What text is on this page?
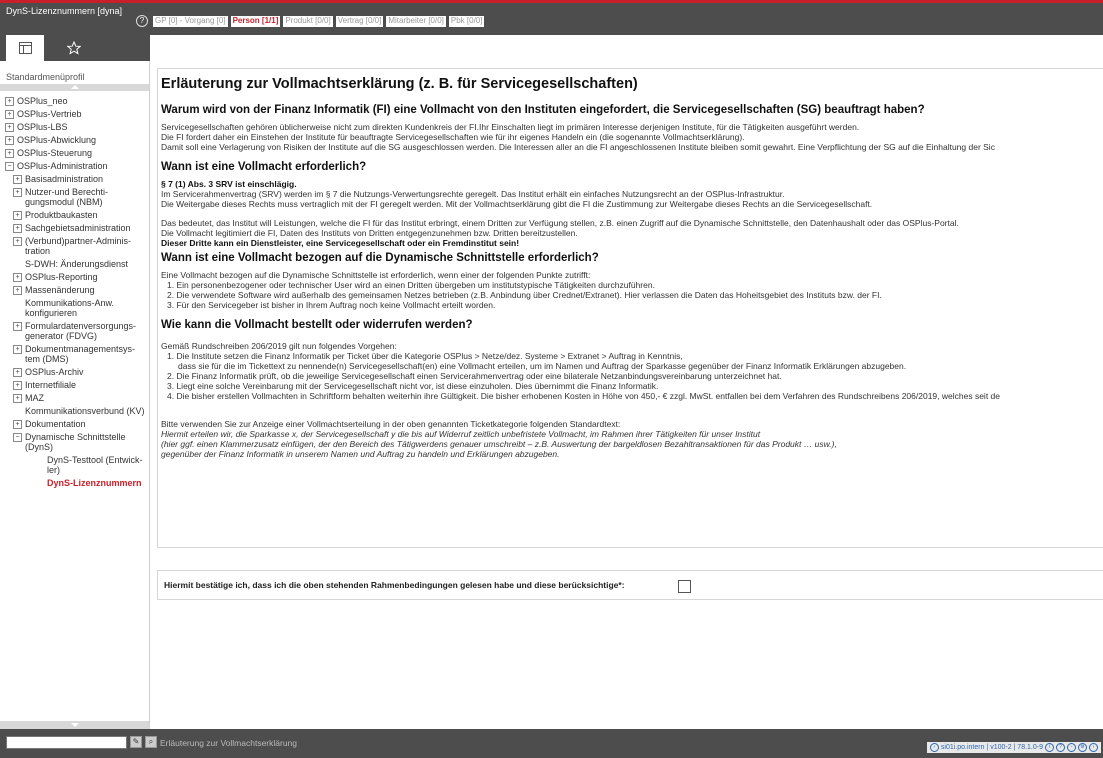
DynS-Lizenznummern [dyna]
?	GP [0] - Vorgang [0] Person [1/1] Produkt [0/0] Vertrag [0/0] Mitarbeiter [0/0] Pbk [0/0]
Standardmenüprofil
+ OSPlus_neo
+ OSPlus-Vertrieb
+ OSPlus-LBS
+ OSPlus-Abwicklung
+ OSPlus-Steuerung
− OSPlus-Administration
+ Basisadministration
+ Nutzer-und Berechti-gungsmodul (NBM)
+ Produktbaukasten
+ Sachgebietsadministration
+ (Verbund)partner-Adminis-tration
S-DWH: Änderungsdienst
+ OSPlus-Reporting
+ Massenänderung
Kommunikations-Anw. konfigurieren
+ Formulardatenversorgungs-generator (FDVG)
+ Dokumentmanagementsys-tem (DMS)
+ OSPlus-Archiv
+ Internetfiliale
+ MAZ
Kommunikationsverbund (KV)
+ Dokumentation
− Dynamische Schnittstelle (DynS)
DynS-Testtool (Entwick-ler)
DynS-Lizenznummern
Erläuterung zur Vollmachtserklärung (z. B. für Servicegesellschaften)
Warum wird von der Finanz Informatik (FI) eine Vollmacht von den Instituten eingefordert, die Servicegesellschaften (SG) beauftragt haben?
Servicegesellschaften gehören üblicherweise nicht zum direkten Kundenkreis der FI.Ihr Einschalten liegt im primären Interesse derjenigen Institute, für die Tätigkeiten ausgeführt werden.
Die FI fordert daher ein Einstehen der Institute für beauftragte Servicegesellschaften wie für ihr eigenes Handeln ein (die sogenannte Vollmachtserklärung).
Damit soll eine Verlagerung von Risiken der Institute auf die SG ausgeschlossen werden. Die Interessen aller an die FI angeschlossenen Institute bleiben somit gewahrt. Eine Verpflichtung der SG auf die Einhaltung der Sic
Wann ist eine Vollmacht erforderlich?
§ 7 (1) Abs. 3 SRV ist einschlägig.
Im Servicerahmenvertrag (SRV) werden im § 7 die Nutzungs-Verwertungsrechte geregelt. Das Institut erhält ein einfaches Nutzungsrecht an der OSPlus-Infrastruktur.
Die Weitergabe dieses Rechts muss vertraglich mit der FI geregelt werden. Mit der Vollmachtserklärung gibt die FI die Zustimmung zur Weitergabe dieses Rechts an die Servicegesellschaft.
Das bedeutet, das Institut will Leistungen, welche die FI für das Institut erbringt, einem Dritten zur Verfügung stellen, z.B. einen Zugriff auf die Dynamische Schnittstelle, den Datenhaushalt oder das OSPlus-Portal.
Die Vollmacht legitimiert die FI, Daten des Instituts von Dritten entgegenzunehmen bzw. Dritten bereitzustellen.
Dieser Dritte kann ein Dienstleister, eine Servicegesellschaft oder ein Fremdinstitut sein!
Wann ist eine Vollmacht bezogen auf die Dynamische Schnittstelle erforderlich?
Eine Vollmacht bezogen auf die Dynamische Schnittstelle ist erforderlich, wenn einer der folgenden Punkte zutrifft:
1. Ein personenbezogener oder technischer User wird an einen Dritten übergeben um institutstypische Tätigkeiten durchzuführen.
2. Die verwendete Software wird außerhalb des gemeinsamen Netzes betrieben (z.B. Anbindung über Crednet/Extranet). Hier verlassen die Daten das Hoheitsgebiet des Instituts bzw. der FI.
3. Für den Servicegeber ist bisher in Ihrem Auftrag noch keine Vollmacht erteilt worden.
Wie kann die Vollmacht bestellt oder widerrufen werden?
Gemäß Rundschreiben 206/2019 gilt nun folgendes Vorgehen:
1. Die Institute setzen die Finanz Informatik per Ticket über die Kategorie OSPlus > Netze/dez. Systeme > Extranet > Auftrag in Kenntnis,
dass sie für die im Tickettext zu nennende(n) Servicegesellschaft(en) eine Vollmacht erteilen, um im Namen und Auftrag der Sparkasse gegenüber der Finanz Informatik Erklärungen abzugeben.
2. Die Finanz Informatik prüft, ob die jeweilige Servicegesellschaft einen Servicerahmenvertrag oder eine bilaterale Netzanbindungsvereinbarung unterzeichnet hat.
3. Liegt eine solche Vereinbarung mit der Servicegesellschaft nicht vor, ist diese einzuholen. Dies übernimmt die Finanz Informatik.
4. Die bisher erstellen Vollmachten in Schriftform behalten weiterhin ihre Gültigkeit. Die bisher erhobenen Kosten in Höhe von 450,- € zzgl. MwSt. entfallen bei dem Verfahren des Rundschreibens 206/2019, welches seit de
Bitte verwenden Sie zur Anzeige einer Vollmachtserteilung in der oben genannten Ticketkategorie folgenden Standardtext:
Hiermit erteilen wir, die Sparkasse x, der Servicegesellschaft y die bis auf Widerruf zeitlich unbefristete Vollmacht, im Rahmen ihrer Tätigkeiten für unser Institut
(hier ggf. einen Klammerzusatz einfügen, der den Bereich des Tätigwerdens genauer umschreibt – z.B. Auswertung der bargeldlosen Bezahltransaktionen für das Produkt … usw.),
gegenüber der Finanz Informatik in unserem Namen und Auftrag zu handeln und Erklärungen abzugeben.
Hiermit bestätige ich, dass ich die oben stehenden Rahmenbedingungen gelesen habe und diese berücksichtige*:
✎	⌕ Erläuterung zur Vollmachtserklärung	‹ si01i.po.intern | v100-2 | 78.1.0-9	i	?	▫	⚙	›
